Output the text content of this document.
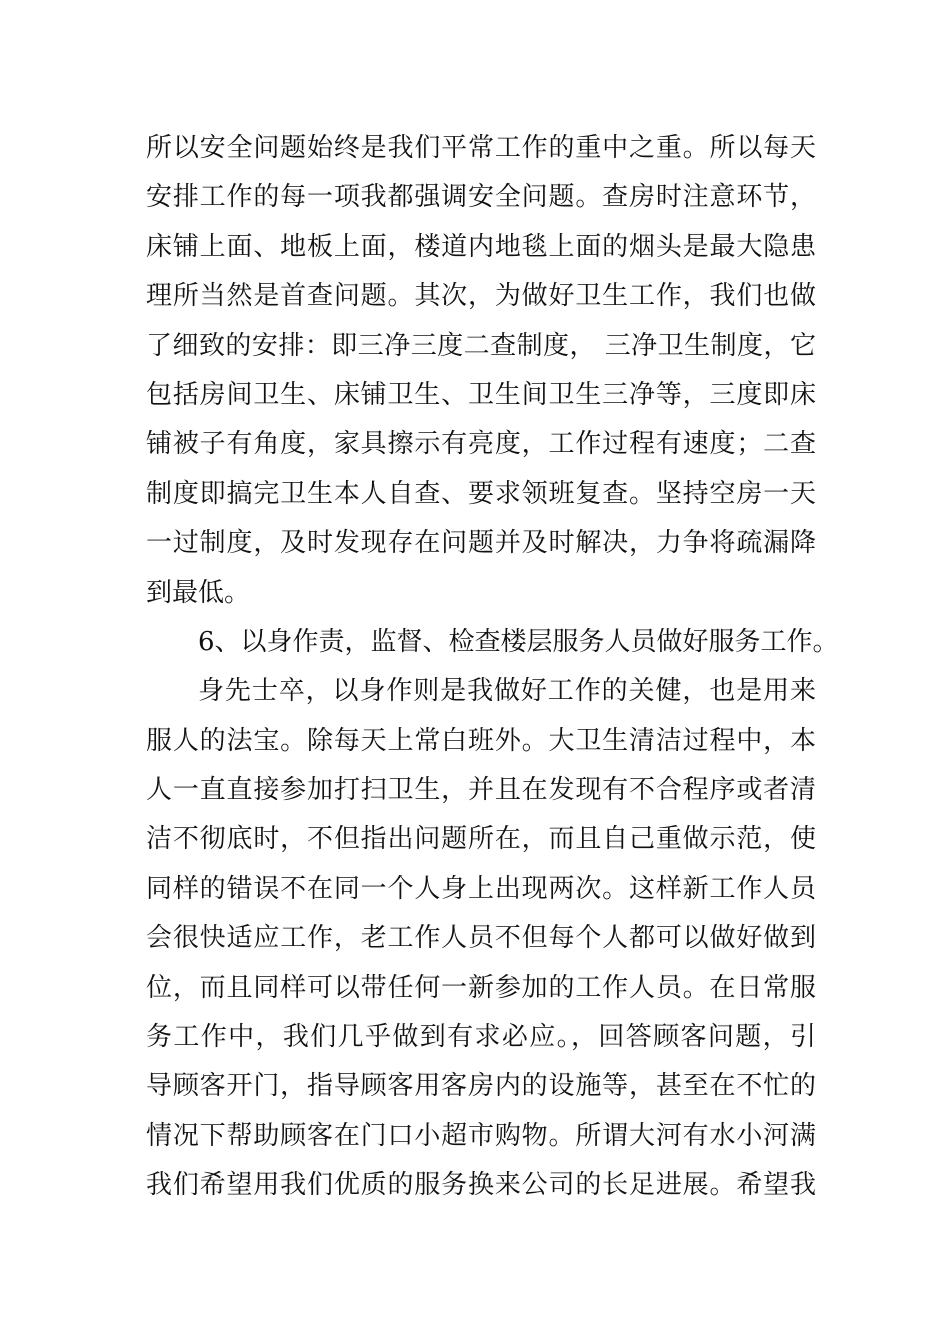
所以安全问题始终是我们平常工作的重中之重。所以每天
安排工作的每一项我都强调安全问题。查房时注意环节，
床铺上面、地板上面，楼道内地毯上面的烟头是最大隐患
理所当然是首查问题。其次，为做好卫生工作，我们也做
了细致的安排：即三净三度二查制度， 三净卫生制度，它
包括房间卫生、床铺卫生、卫生间卫生三净等，三度即床
铺被子有角度，家具擦示有亮度，工作过程有速度；二查
制度即搞完卫生本人自查、要求领班复查。坚持空房一天
一过制度，及时发现存在问题并及时解决，力争将疏漏降
到最低。
6、以身作责，监督、检查楼层服务人员做好服务工作。
身先士卒，以身作则是我做好工作的关健，也是用来
服人的法宝。除每天上常白班外。大卫生清洁过程中，本
人一直直接参加打扫卫生，并且在发现有不合程序或者清
洁不彻底时，不但指出问题所在，而且自己重做示范，使
同样的错误不在同一个人身上出现两次。这样新工作人员
会很快适应工作，老工作人员不但每个人都可以做好做到
位，而且同样可以带任何一新参加的工作人员。在日常服
务工作中，我们几乎做到有求必应。，回答顾客问题，引
导顾客开门，指导顾客用客房内的设施等，甚至在不忙的
情况下帮助顾客在门口小超市购物。所谓大河有水小河满
我们希望用我们优质的服务换来公司的长足进展。希望我
